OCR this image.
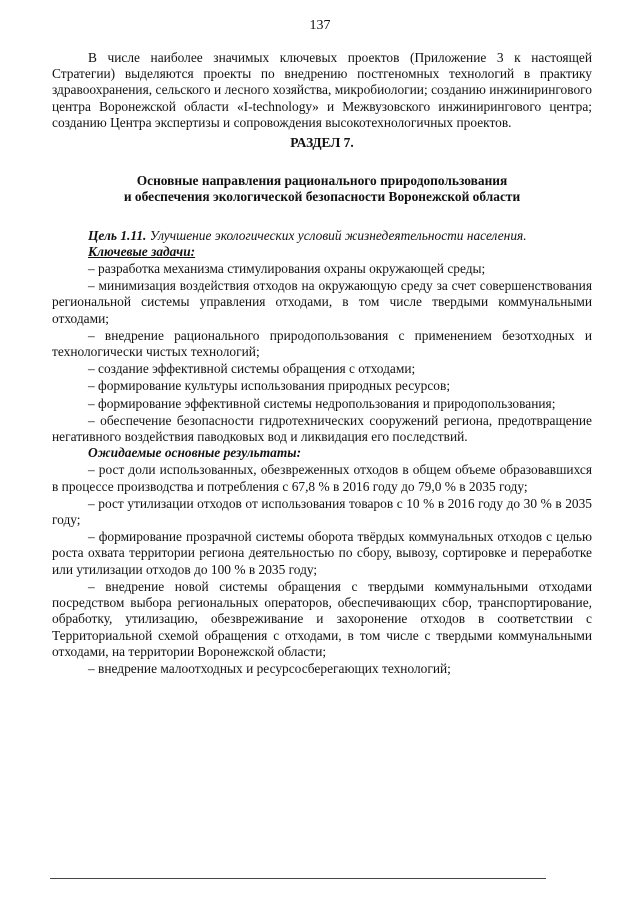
137

В числе наиболее значимых ключевых проектов (Приложение 3 к настоящей Стратегии) выделяются проекты по внедрению постгеномных технологий в практику здравоохранения, сельского и лесного хозяйства, микробиологии; созданию инжинирингового центра Воронежской области «I-technology» и Межвузовского инжинирингового центра; созданию Центра экспертизы и сопровождения высокотехнологичных проектов.

РАЗДЕЛ 7.
Основные направления рационального природопользования
и обеспечения экологической безопасности Воронежской области

Цель 1.11. Улучшение экологических условий жизнедеятельности населения.

Ключевые задачи:

– разработка механизма стимулирования охраны окружающей среды;

– минимизация воздействия отходов на окружающую среду за счет совершенствования региональной системы управления отходами, в том числе твердыми коммунальными отходами;

– внедрение рационального природопользования с применением безотходных и технологически чистых технологий;

– создание эффективной системы обращения с отходами;

– формирование культуры использования природных ресурсов;

– формирование эффективной системы недропользования и природопользования;

– обеспечение безопасности гидротехнических сооружений региона, предотвращение негативного воздействия паводковых вод и ликвидация его последствий.

Ожидаемые основные результаты:

– рост доли использованных, обезвреженных отходов в общем объеме образовавшихся в процессе производства и потребления с 67,8 % в 2016 году до 79,0 % в 2035 году;

– рост утилизации отходов от использования товаров с 10 % в 2016 году до 30 % в 2035 году;

– формирование прозрачной системы оборота твёрдых коммунальных отходов с целью роста охвата территории региона деятельностью по сбору, вывозу, сортировке и переработке или утилизации отходов до 100 % в 2035 году;

– внедрение новой системы обращения с твердыми коммунальными отходами посредством выбора региональных операторов, обеспечивающих сбор, транспортирование, обработку, утилизацию, обезвреживание и захоронение отходов в соответствии с Территориальной схемой обращения с отходами, в том числе с твердыми коммунальными отходами, на территории Воронежской области;

– внедрение малоотходных и ресурсосберегающих технологий;
